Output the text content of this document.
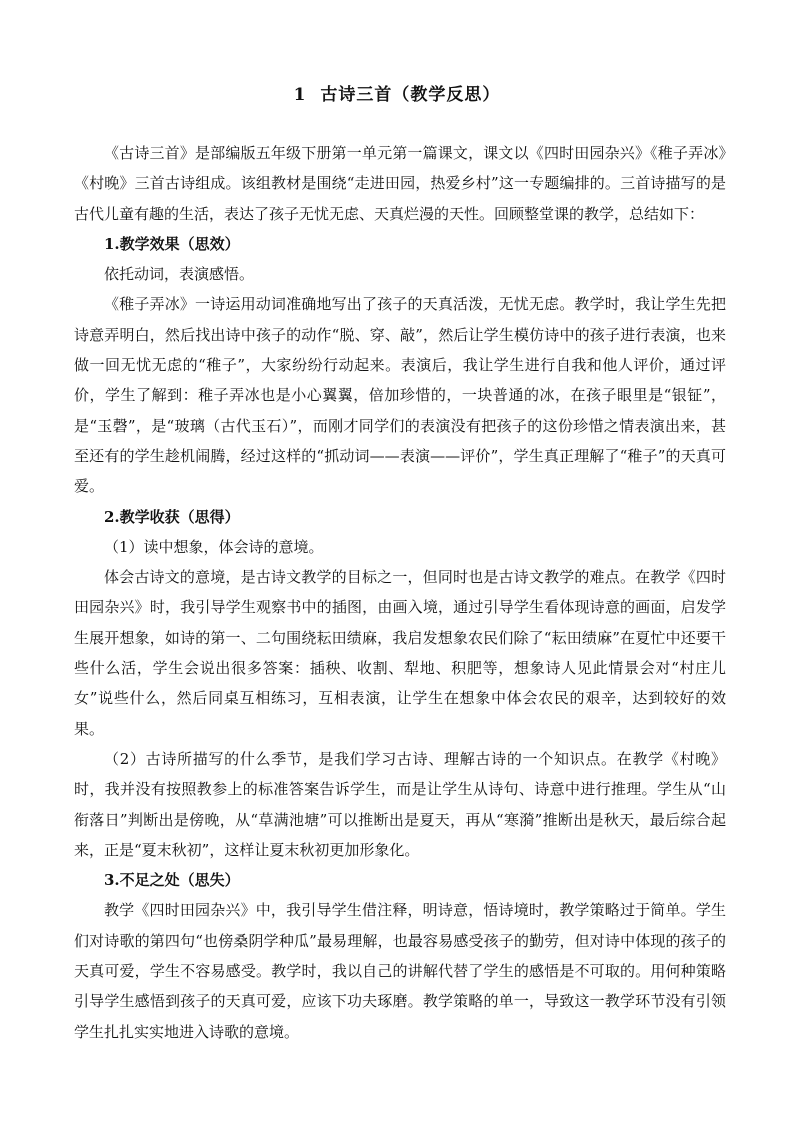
1 古诗三首（教学反思）

《古诗三首》是部编版五年级下册第一单元第一篇课文，课文以《四时田园杂兴》《稚子弄冰》《村晚》三首古诗组成。该组教材是围绕“走进田园，热爱乡村”这一专题编排的。三首诗描写的是古代儿童有趣的生活，表达了孩子无忧无虑、天真烂漫的天性。回顾整堂课的教学，总结如下：

1.教学效果（思效）

依托动词，表演感悟。

《稚子弄冰》一诗运用动词准确地写出了孩子的天真活泼，无忧无虑。教学时，我让学生先把诗意弄明白，然后找出诗中孩子的动作“脱、穿、敲”，然后让学生模仿诗中的孩子进行表演，也来做一回无忧无虑的“稚子”，大家纷纷行动起来。表演后，我让学生进行自我和他人评价，通过评价，学生了解到：稚子弄冰也是小心翼翼，倍加珍惜的，一块普通的冰，在孩子眼里是“银钲”，是“玉磬”，是“玻璃（古代玉石）”，而刚才同学们的表演没有把孩子的这份珍惜之情表演出来，甚至还有的学生趁机闹腾，经过这样的“抓动词——表演——评价”，学生真正理解了“稚子”的天真可爱。

2.教学收获（思得）

（1）读中想象，体会诗的意境。

体会古诗文的意境，是古诗文教学的目标之一，但同时也是古诗文教学的难点。在教学《四时田园杂兴》时，我引导学生观察书中的插图，由画入境，通过引导学生看体现诗意的画面，启发学生展开想象，如诗的第一、二句围绕耘田绩麻，我启发想象农民们除了“耘田绩麻”在夏忙中还要干些什么活，学生会说出很多答案：插秧、收割、犁地、积肥等，想象诗人见此情景会对“村庄儿女”说些什么，然后同桌互相练习，互相表演，让学生在想象中体会农民的艰辛，达到较好的效果。

（2）古诗所描写的什么季节，是我们学习古诗、理解古诗的一个知识点。在教学《村晚》时，我并没有按照教参上的标准答案告诉学生，而是让学生从诗句、诗意中进行推理。学生从“山衔落日”判断出是傍晚，从“草满池塘”可以推断出是夏天，再从“寒漪”推断出是秋天，最后综合起来，正是“夏末秋初”，这样让夏末秋初更加形象化。

3.不足之处（思失）

教学《四时田园杂兴》中，我引导学生借注释，明诗意，悟诗境时，教学策略过于简单。学生们对诗歌的第四句“也傍桑阴学种瓜”最易理解，也最容易感受孩子的勤劳，但对诗中体现的孩子的天真可爱，学生不容易感受。教学时，我以自己的讲解代替了学生的感悟是不可取的。用何种策略引导学生感悟到孩子的天真可爱，应该下功夫琢磨。教学策略的单一，导致这一教学环节没有引领学生扎扎实实地进入诗歌的意境。
